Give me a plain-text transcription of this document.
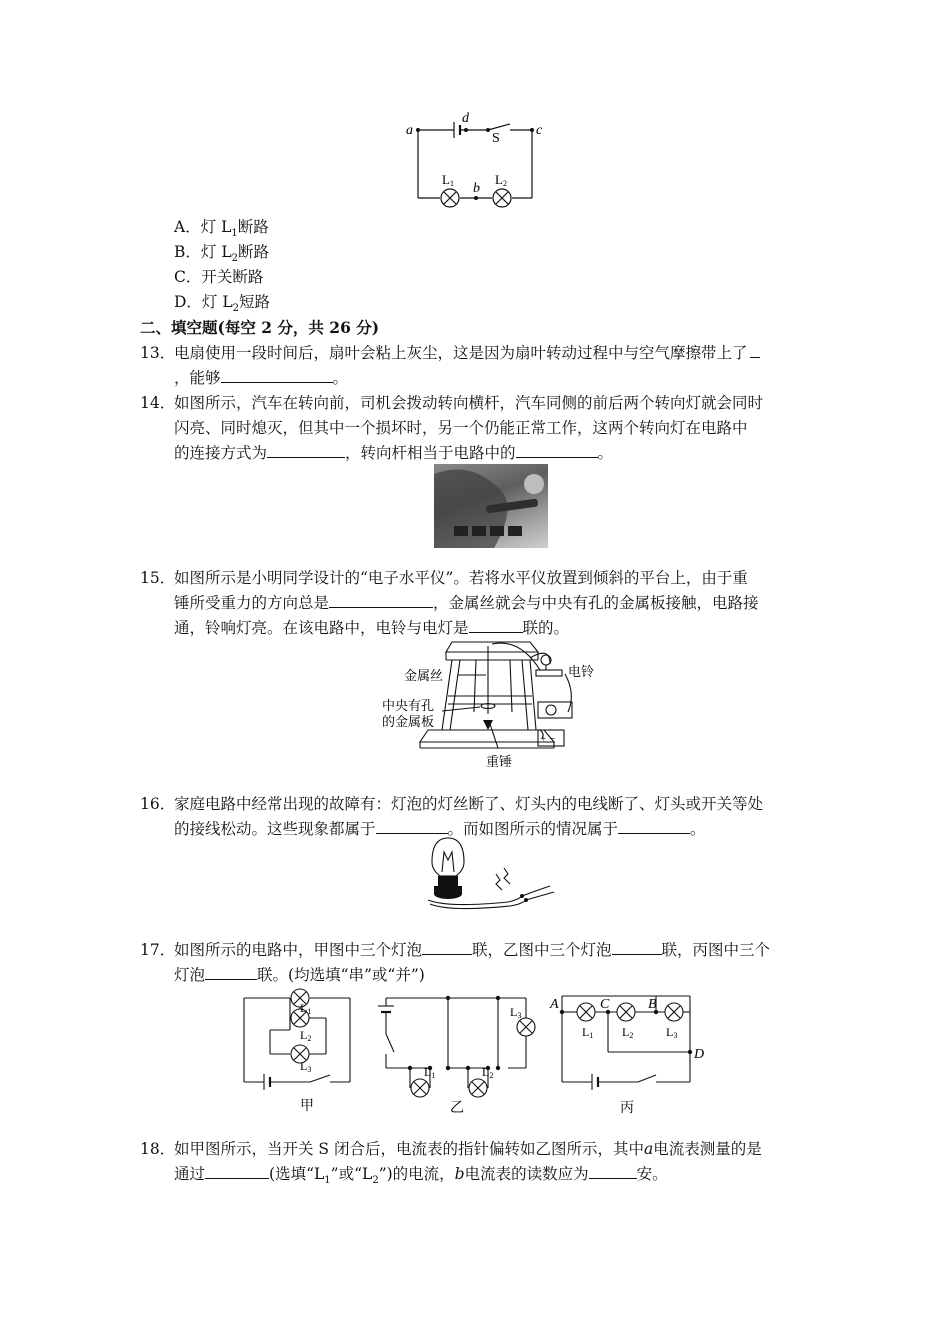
a
d
S
c
b
L1	L2
A．灯 $L_1$断路
B．灯 $L_2$断路
C．开关断路
D．灯 $L_2$短路
二、填空题(每空 2 分，共 26 分)
13．
电扇使用一段时间后，扇叶会粘上灰尘，这是因为扇叶转动过程中与空气摩擦带上了
，能够	。
14．
如图所示，汽车在转向前，司机会拨动转向横杆，汽车同侧的前后两个转向灯就会同时
闪亮、同时熄灭，但其中一个损坏时，另一个仍能正常工作，这两个转向灯在电路中
的连接方式为	，转向杆相当于电路中的	。
15．
如图所示是小明同学设计的“电子水平仪”。若将水平仪放置到倾斜的平台上，由于重
锤所受重力的方向总是	，金属丝就会与中央有孔的金属板接触，电路接
通，铃响灯亮。在该电路中，电铃与电灯是	联的。
金属丝	电铃
中央有孔
的金属板
重锤
+ −
16．
家庭电路中经常出现的故障有：灯泡的灯丝断了、灯头内的电线断了、灯头或开关等处
的接线松动。这些现象都属于	。而如图所示的情况属于	。
17．
如图所示的电路中，甲图中三个灯泡	联，乙图中三个灯泡	联，丙图中三个
灯泡	联。(均选填“串”或“并”)
L1
L2
L3
甲
L1	L2
L3
乙
A	C	B
D
L1 L2	L3
丙
18．
如甲图所示，当开关 S 闭合后，电流表的指针偏转如乙图所示，其中a电流表测量的是
通过	(选填“$L_1$”或“$L_2$”)的电流，b电流表的读数应为	安。
